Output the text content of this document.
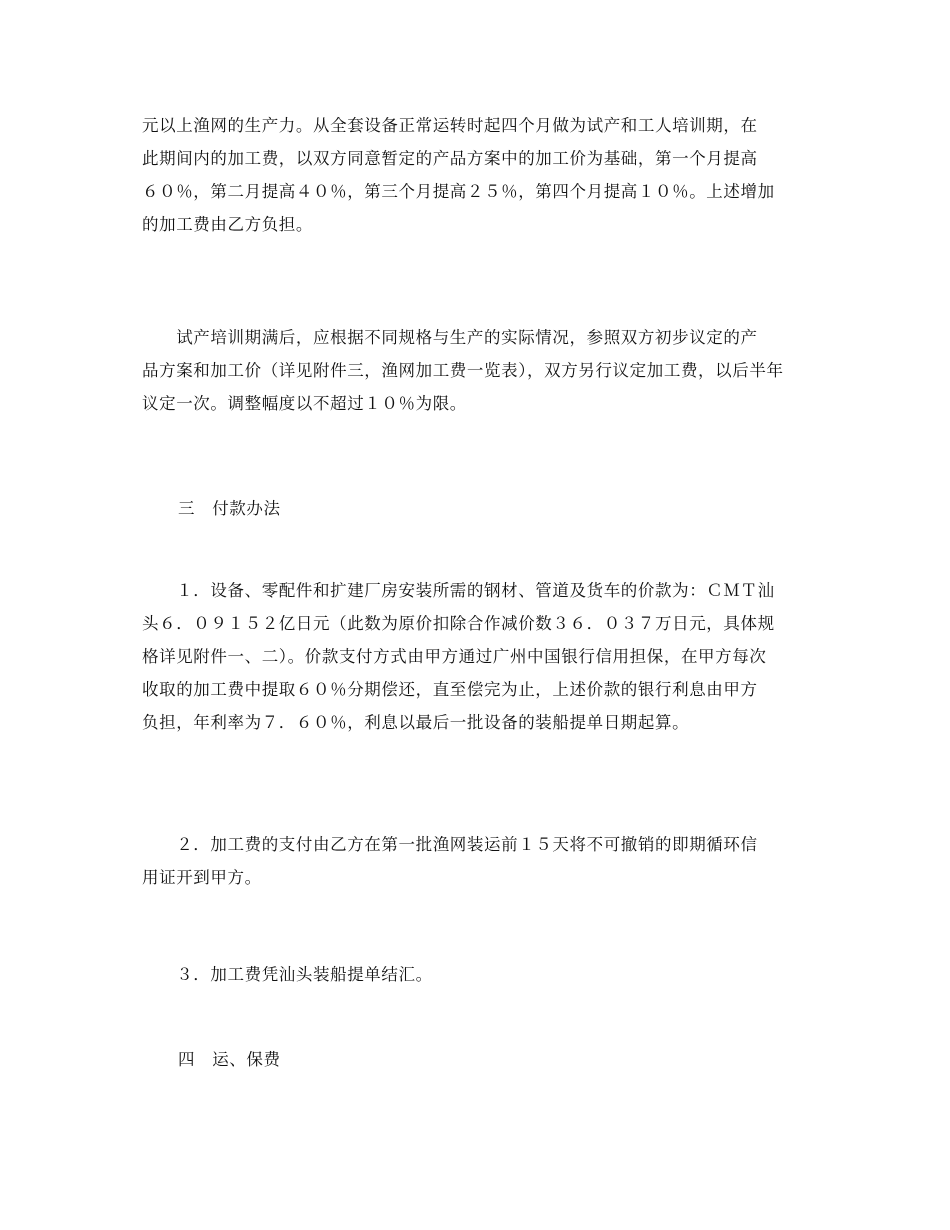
元以上渔网的生产力。从全套设备正常运转时起四个月做为试产和工人培训期，在
此期间内的加工费，以双方同意暂定的产品方案中的加工价为基础，第一个月提高
６０％，第二月提高４０％，第三个月提高２５％，第四个月提高１０％。上述增加
的加工费由乙方负担。
　　试产培训期满后，应根据不同规格与生产的实际情况，参照双方初步议定的产
品方案和加工价（详见附件三，渔网加工费一览表），双方另行议定加工费，以后半年
议定一次。调整幅度以不超过１０％为限。
三　付款办法
　　１．设备、零配件和扩建厂房安装所需的钢材、管道及货车的价款为：ＣＭＴ汕
头６．０９１５２亿日元（此数为原价扣除合作减价数３６．０３７万日元，具体规
格详见附件一、二）。价款支付方式由甲方通过广州中国银行信用担保，在甲方每次
收取的加工费中提取６０％分期偿还，直至偿完为止，上述价款的银行利息由甲方
负担，年利率为７．６０％，利息以最后一批设备的装船提单日期起算。
　　２．加工费的支付由乙方在第一批渔网装运前１５天将不可撤销的即期循环信
用证开到甲方。
　　３．加工费凭汕头装船提单结汇。
四　运、保费
